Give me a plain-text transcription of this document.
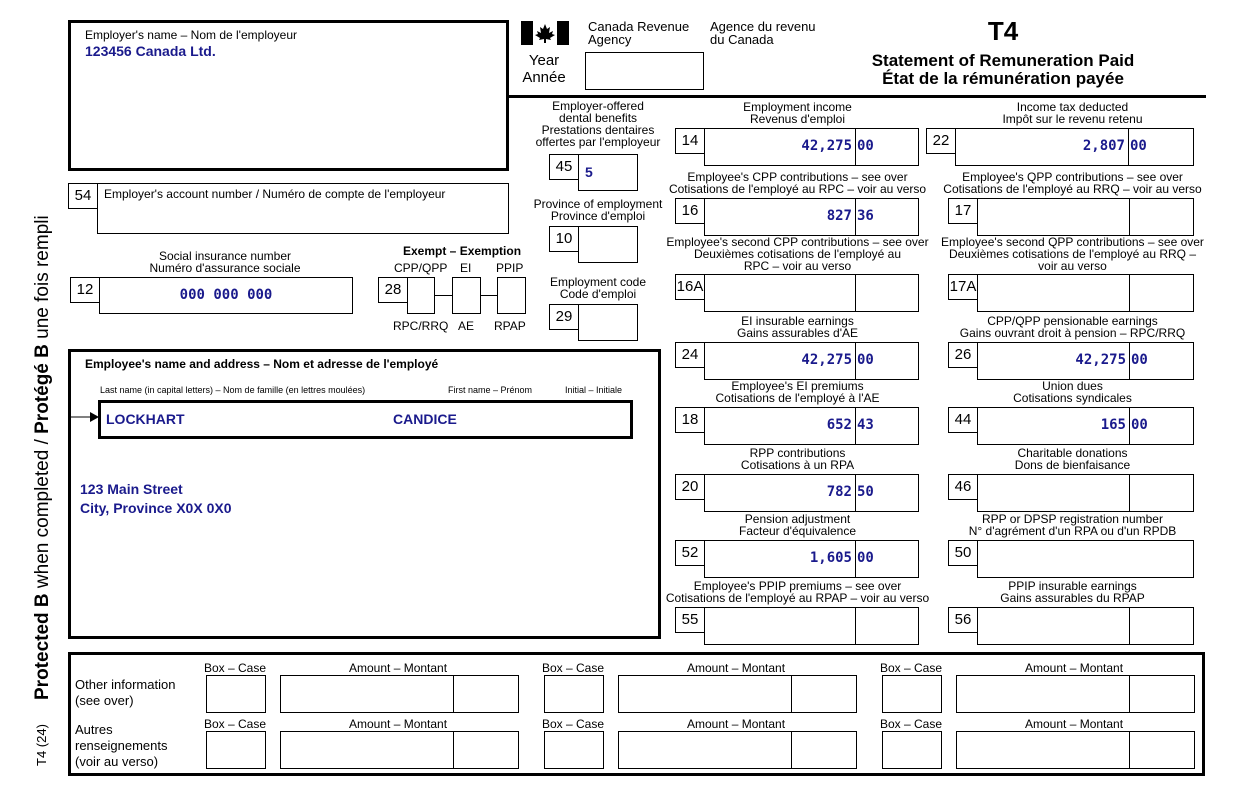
Protected B when completed / Protégé B une fois rempli
T4 (24)
Employer's name – Nom de l'employeur
123456 Canada Ltd.
Canada Revenue
Agency
Agence du revenu
du Canada
Year
Année
T4
Statement of Remuneration Paid
État de la rémunération payée
54	Employer's account number / Numéro de compte de l'employeur
Social insurance number
Numéro d'assurance sociale
12	000 000 000
Exempt – Exemption
CPP/QPP EI PPIP
28
RPC/RRQ AE RPAP
Employer-offered
dental benefits
Prestations dentaires
offertes par l'employeur
45 5
Province of employment
Province d'emploi
10
Employment code
Code d'emploi
29
Employee's name and address – Nom et adresse de l'employé
Last name (in capital letters) – Nom de famille (en lettres moulées)	First name – Prénom	Initial – Initiale
123 Main Street
City, Province X0X 0X0
LOCKHART	CANDICE
Employment income
Revenus d'emploi
14	42,275 00
Income tax deducted
Impôt sur le revenu retenu
22	2,807 00
Employee's CPP contributions – see over
Cotisations de l'employé au RPC – voir au verso
16	827 36
Employee's QPP contributions – see over
Cotisations de l'employé au RRQ – voir au verso
17
Employee's second CPP contributions – see over
Deuxièmes cotisations de l'employé au
RPC – voir au verso
16A
Employee's second QPP contributions – see over
Deuxièmes cotisations de l'employé au RRQ –
voir au verso
17A
EI insurable earnings
Gains assurables d'AE
24	42,275 00
CPP/QPP pensionable earnings
Gains ouvrant droit à pension – RPC/RRQ
26	42,275 00
Employee's EI premiums
Cotisations de l'employé à l'AE
18	652 43
Union dues
Cotisations syndicales
44	165 00
RPP contributions
Cotisations à un RPA
20	782 50
Charitable donations
Dons de bienfaisance
46
Pension adjustment
Facteur d'équivalence
52	1,605 00
RPP or DPSP registration number
N° d'agrément d'un RPA ou d'un RPDB
50
Employee's PPIP premiums – see over
Cotisations de l'employé au RPAP – voir au verso
55
PPIP insurable earnings
Gains assurables du RPAP
56
Other information
(see over)
Autres
renseignements
(voir au verso)
Box – Case	Amount – Montant	Box – Case	Amount – Montant	Box – Case	Amount – Montant
Box – Case	Amount – Montant	Box – Case	Amount – Montant	Box – Case	Amount – Montant
